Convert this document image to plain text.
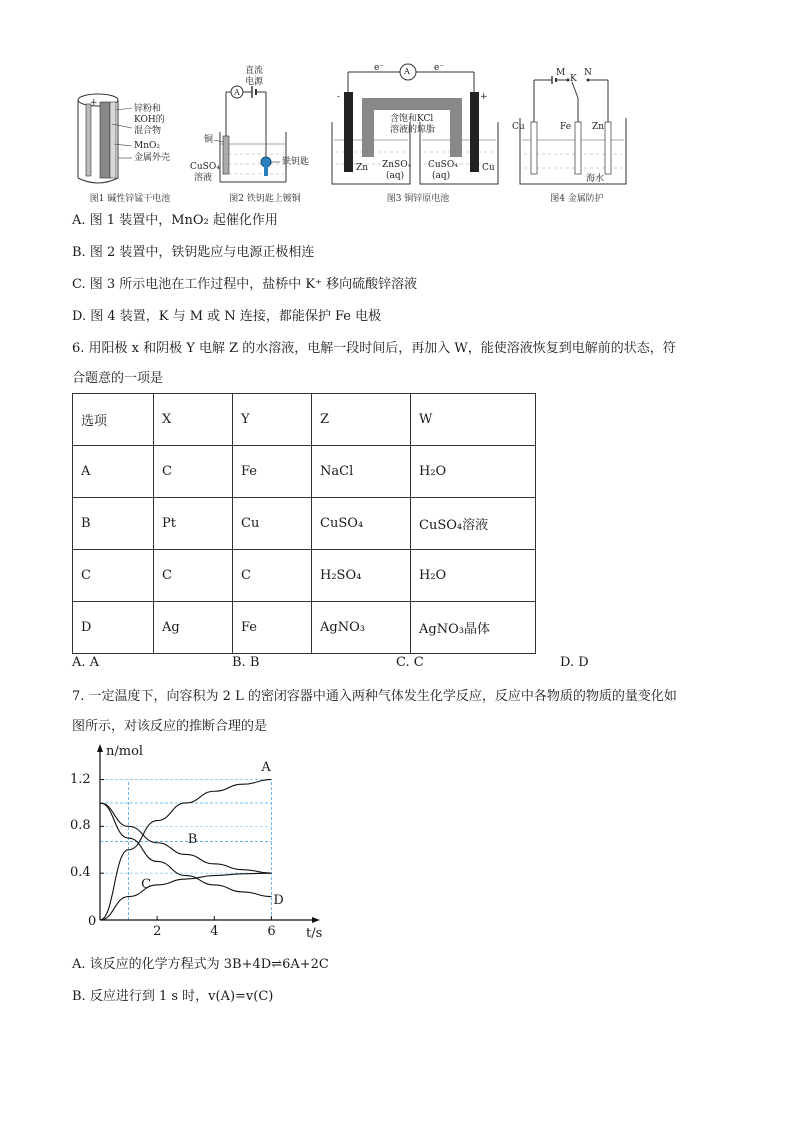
+
锌粉和
KOH的
混合物
MnO₂
金属外壳
图1 碱性锌锰干电池
直流
电源
A
铜
CuSO₄
溶液
铁钥匙
图2 铁钥匙上镀铜
A
e⁻	e⁻
-	+
含饱和KCl
溶液的琼脂
Zn ZnSO₄
(aq)
CuSO₄
(aq)
Cu
图3 铜锌原电池
M
K
N
Cu	Fe Zn
海水
图4 金属防护
A. 图 1 装置中，MnO₂ 起催化作用
B. 图 2 装置中，铁钥匙应与电源正极相连
C. 图 3 所示电池在工作过程中，盐桥中 K⁺ 移向硫酸锌溶液
D. 图 4 装置，K 与 M 或 N 连接，都能保护 Fe 电极
6. 用阳极 x 和阴极 Y 电解 Z 的水溶液，电解一段时间后，再加入 W，能使溶液恢复到电解前的状态，符
合题意的一项是
选项	X	Y	Z	W
A	C	Fe	NaCl	H₂O
B	Pt	Cu	CuSO₄	CuSO₄溶液
C	C	C	H₂SO₄	H₂O
D	Ag	Fe	AgNO₃	AgNO₃晶体
A. A	B. B	C. C	D. D
7. 一定温度下，向容积为 2 L 的密闭容器中通入两种气体发生化学反应，反应中各物质的物质的量变化如
图所示，对该反应的推断合理的是
n/mol
t/s
0
2	4	6
0.4
0.8
1.2
A
B
C
D
A. 该反应的化学方程式为 3B+4D⇌6A+2C
B. 反应进行到 1 s 时，v(A)=v(C)
